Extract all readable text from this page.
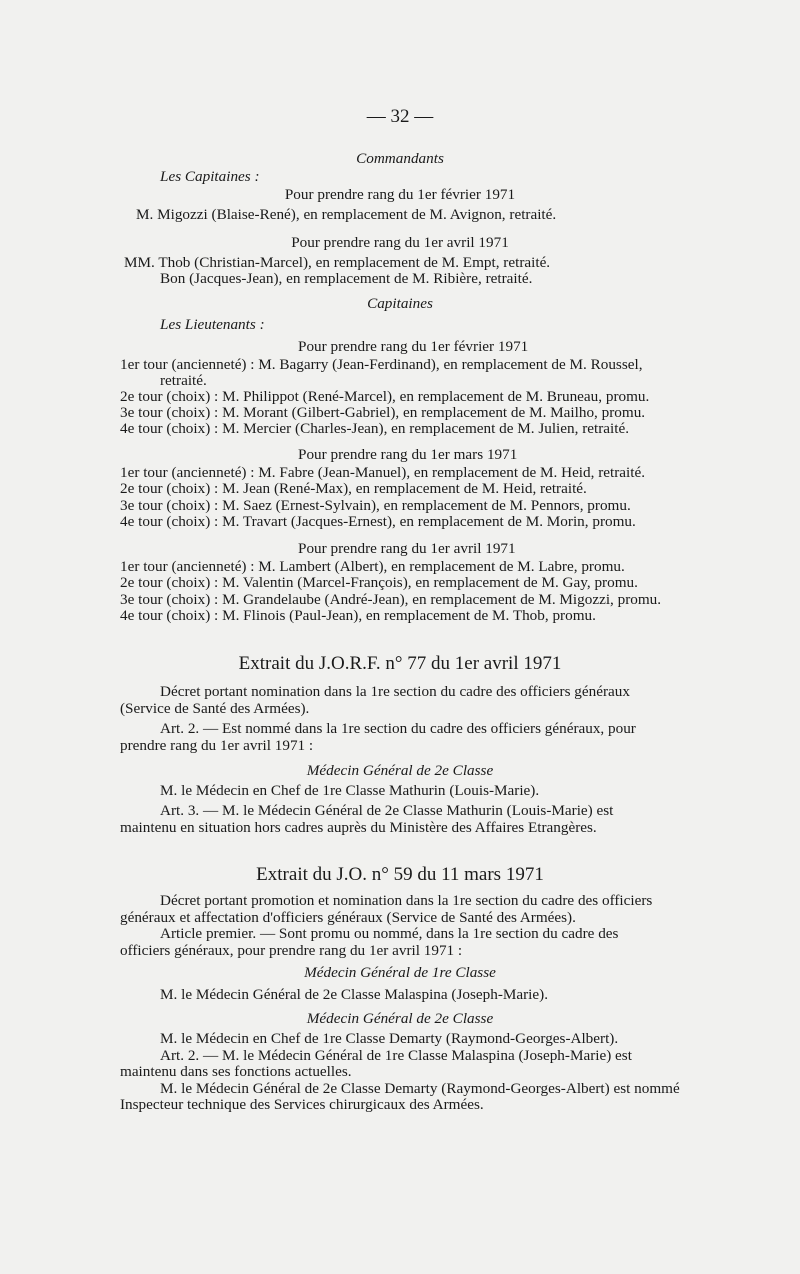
— 32 —
Commandants
Les Capitaines :
Pour prendre rang du 1er février 1971
M. Migozzi (Blaise-René), en remplacement de M. Avignon, retraité.
Pour prendre rang du 1er avril 1971
MM. Thob (Christian-Marcel), en remplacement de M. Empt, retraité.
Bon (Jacques-Jean), en remplacement de M. Ribière, retraité.
Capitaines
Les Lieutenants :
Pour prendre rang du 1er février 1971
1er tour (ancienneté) : M. Bagarry (Jean-Ferdinand), en remplacement de M. Roussel,
retraité.
2e tour (choix) : M. Philippot (René-Marcel), en remplacement de M. Bruneau, promu.
3e tour (choix) : M. Morant (Gilbert-Gabriel), en remplacement de M. Mailho, promu.
4e tour (choix) : M. Mercier (Charles-Jean), en remplacement de M. Julien, retraité.
Pour prendre rang du 1er mars 1971
1er tour (ancienneté) : M. Fabre (Jean-Manuel), en remplacement de M. Heid, retraité.
2e tour (choix) : M. Jean (René-Max), en remplacement de M. Heid, retraité.
3e tour (choix) : M. Saez (Ernest-Sylvain), en remplacement de M. Pennors, promu.
4e tour (choix) : M. Travart (Jacques-Ernest), en remplacement de M. Morin, promu.
Pour prendre rang du 1er avril 1971
1er tour (ancienneté) : M. Lambert (Albert), en remplacement de M. Labre, promu.
2e tour (choix) : M. Valentin (Marcel-François), en remplacement de M. Gay, promu.
3e tour (choix) : M. Grandelaube (André-Jean), en remplacement de M. Migozzi, promu.
4e tour (choix) : M. Flinois (Paul-Jean), en remplacement de M. Thob, promu.
Extrait du J.O.R.F. n° 77 du 1er avril 1971
Décret portant nomination dans la 1re section du cadre des officiers généraux
(Service de Santé des Armées).
Art. 2. — Est nommé dans la 1re section du cadre des officiers généraux, pour
prendre rang du 1er avril 1971 :
Médecin Général de 2e Classe
M. le Médecin en Chef de 1re Classe Mathurin (Louis-Marie).
Art. 3. — M. le Médecin Général de 2e Classe Mathurin (Louis-Marie) est
maintenu en situation hors cadres auprès du Ministère des Affaires Etrangères.
Extrait du J.O. n° 59 du 11 mars 1971
Décret portant promotion et nomination dans la 1re section du cadre des officiers
généraux et affectation d'officiers généraux (Service de Santé des Armées).
Article premier. — Sont promu ou nommé, dans la 1re section du cadre des
officiers généraux, pour prendre rang du 1er avril 1971 :
Médecin Général de 1re Classe
M. le Médecin Général de 2e Classe Malaspina (Joseph-Marie).
Médecin Général de 2e Classe
M. le Médecin en Chef de 1re Classe Demarty (Raymond-Georges-Albert).
Art. 2. — M. le Médecin Général de 1re Classe Malaspina (Joseph-Marie) est
maintenu dans ses fonctions actuelles.
M. le Médecin Général de 2e Classe Demarty (Raymond-Georges-Albert) est nommé
Inspecteur technique des Services chirurgicaux des Armées.
